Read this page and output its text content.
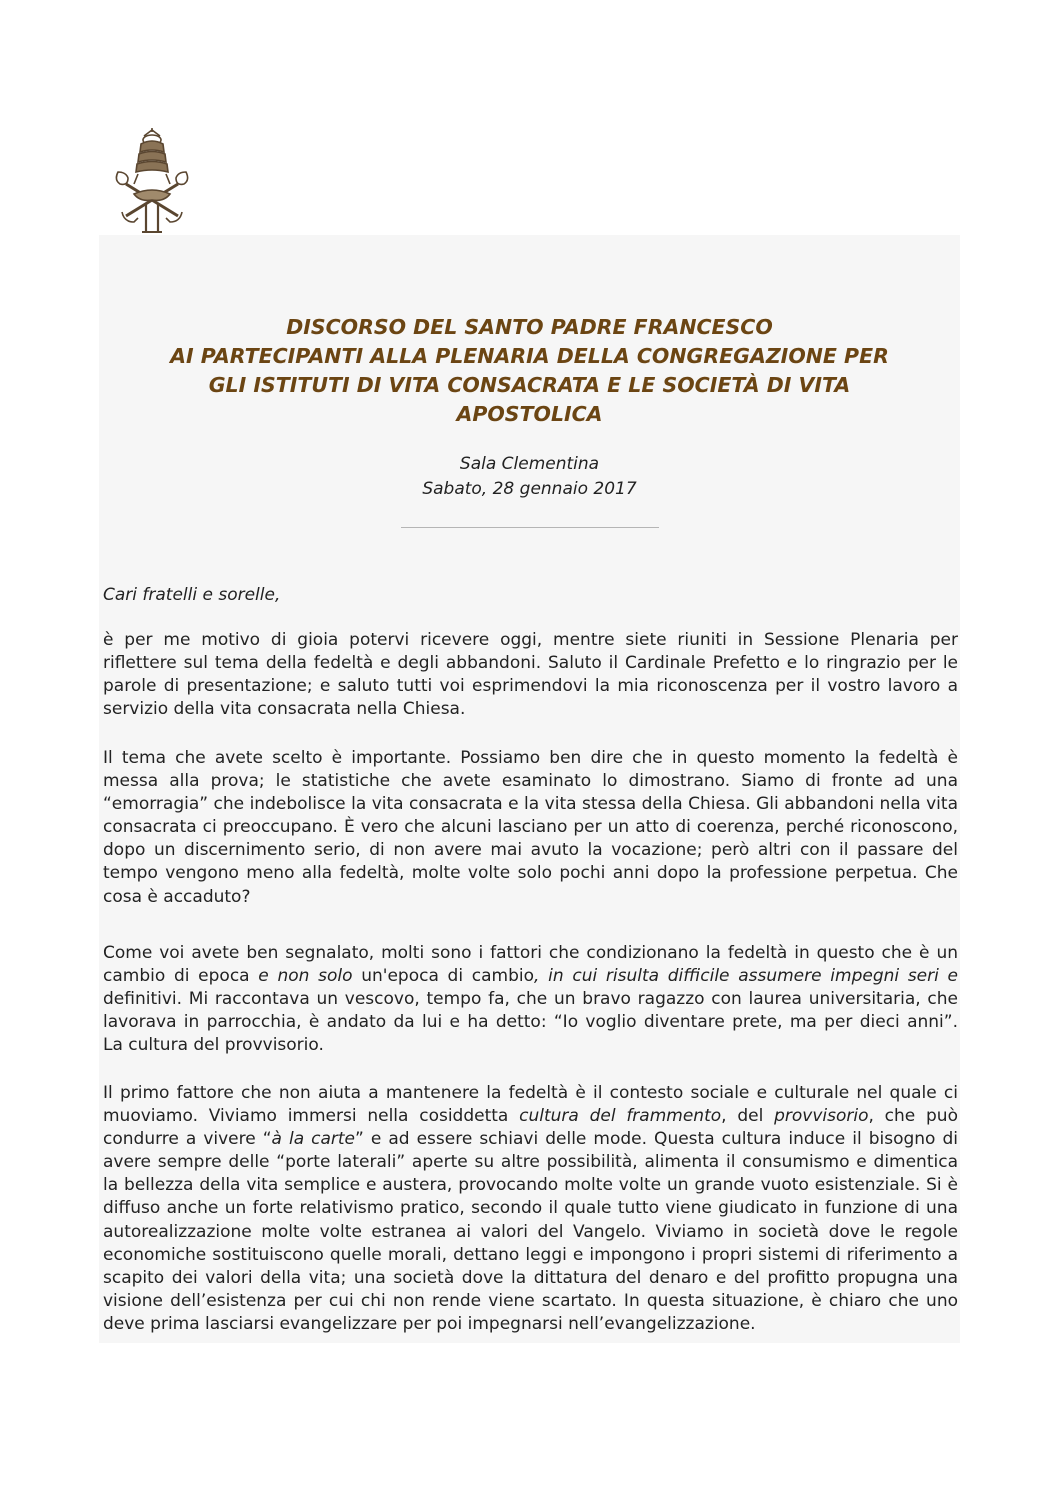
DISCORSO DEL SANTO PADRE FRANCESCO
AI PARTECIPANTI ALLA PLENARIA DELLA CONGREGAZIONE PER
GLI ISTITUTI DI VITA CONSACRATA E LE SOCIETÀ DI VITA
APOSTOLICA
Sala Clementina
Sabato, 28 gennaio 2017
Cari fratelli e sorelle,

è per me motivo di gioia potervi ricevere oggi, mentre siete riuniti in Sessione Plenaria per
riflettere sul tema della fedeltà e degli abbandoni. Saluto il Cardinale Prefetto e lo ringrazio per le
parole di presentazione; e saluto tutti voi esprimendovi la mia riconoscenza per il vostro lavoro a
servizio della vita consacrata nella Chiesa.

Il tema che avete scelto è importante. Possiamo ben dire che in questo momento la fedeltà è
messa alla prova; le statistiche che avete esaminato lo dimostrano. Siamo di fronte ad una
“emorragia” che indebolisce la vita consacrata e la vita stessa della Chiesa. Gli abbandoni nella vita
consacrata ci preoccupano. È vero che alcuni lasciano per un atto di coerenza, perché riconoscono,
dopo un discernimento serio, di non avere mai avuto la vocazione; però altri con il passare del
tempo vengono meno alla fedeltà, molte volte solo pochi anni dopo la professione perpetua. Che
cosa è accaduto?

Come voi avete ben segnalato, molti sono i fattori che condizionano la fedeltà in questo che è un
cambio di epoca e non solo un'epoca di cambio, in cui risulta difficile assumere impegni seri e
definitivi. Mi raccontava un vescovo, tempo fa, che un bravo ragazzo con laurea universitaria, che
lavorava in parrocchia, è andato da lui e ha detto: “Io voglio diventare prete, ma per dieci anni”.
La cultura del provvisorio.

Il primo fattore che non aiuta a mantenere la fedeltà è il contesto sociale e culturale nel quale ci
muoviamo. Viviamo immersi nella cosiddetta cultura del frammento, del provvisorio, che può
condurre a vivere “à la carte” e ad essere schiavi delle mode. Questa cultura induce il bisogno di
avere sempre delle “porte laterali” aperte su altre possibilità, alimenta il consumismo e dimentica
la bellezza della vita semplice e austera, provocando molte volte un grande vuoto esistenziale. Si è
diffuso anche un forte relativismo pratico, secondo il quale tutto viene giudicato in funzione di una
autorealizzazione molte volte estranea ai valori del Vangelo. Viviamo in società dove le regole
economiche sostituiscono quelle morali, dettano leggi e impongono i propri sistemi di riferimento a
scapito dei valori della vita; una società dove la dittatura del denaro e del profitto propugna una
visione dell’esistenza per cui chi non rende viene scartato. In questa situazione, è chiaro che uno
deve prima lasciarsi evangelizzare per poi impegnarsi nell’evangelizzazione.
